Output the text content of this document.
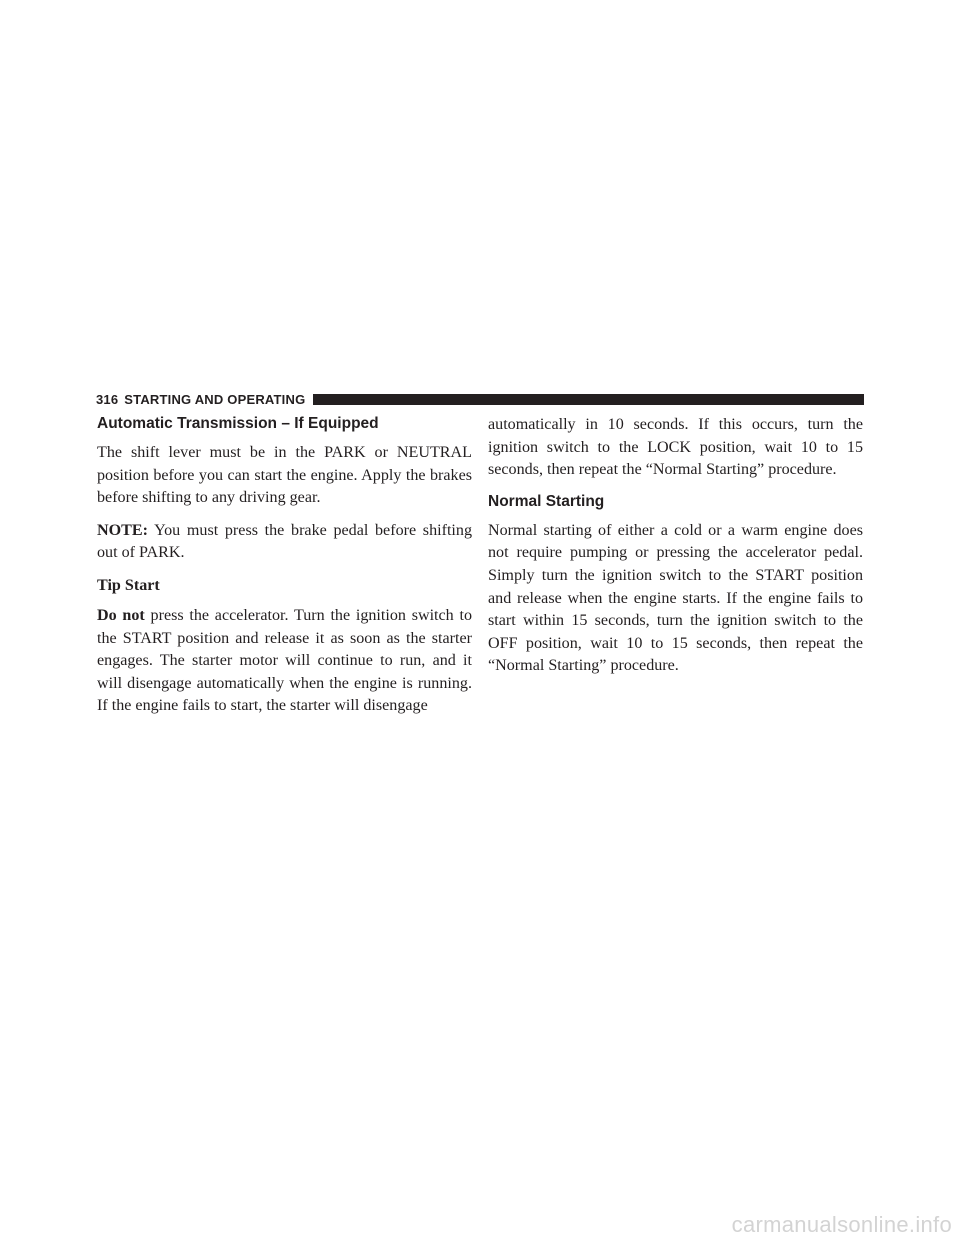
316 STARTING AND OPERATING
Automatic Transmission – If Equipped

The shift lever must be in the PARK or NEUTRAL position before you can start the engine. Apply the brakes before shifting to any driving gear.

NOTE: You must press the brake pedal before shifting out of PARK.

Tip Start

Do not press the accelerator. Turn the ignition switch to the START position and release it as soon as the starter engages. The starter motor will continue to run, and it will disengage automatically when the engine is running. If the engine fails to start, the starter will disengage

automatically in 10 seconds. If this occurs, turn the ignition switch to the LOCK position, wait 10 to 15 seconds, then repeat the “Normal Starting” procedure.

Normal Starting

Normal starting of either a cold or a warm engine does not require pumping or pressing the accelerator pedal. Simply turn the ignition switch to the START position and release when the engine starts. If the engine fails to start within 15 seconds, turn the ignition switch to the OFF position, wait 10 to 15 seconds, then repeat the “Normal Starting” procedure.

carmanualsonline.info
